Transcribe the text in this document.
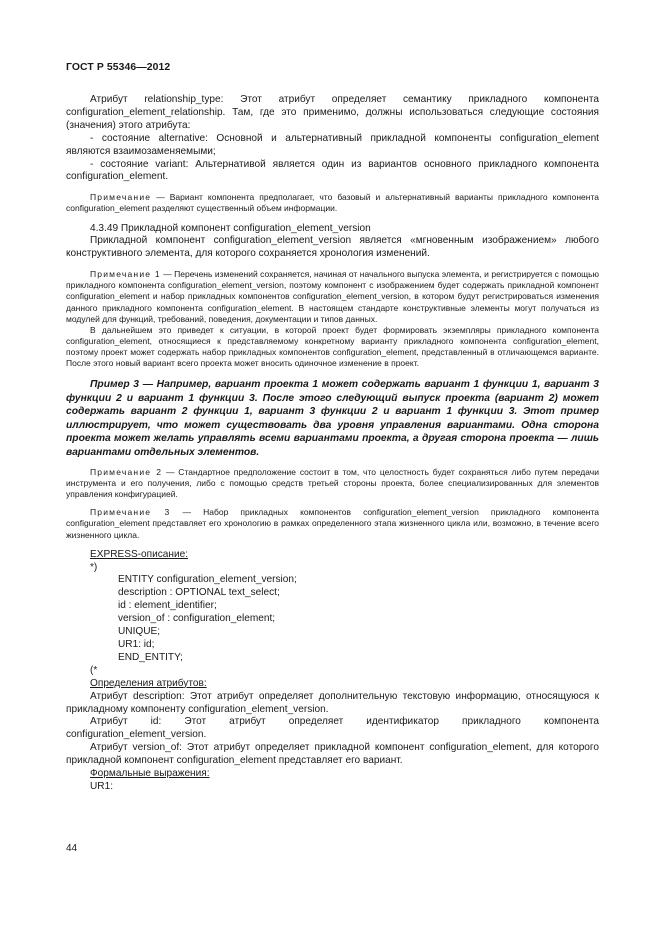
ГОСТ Р 55346—2012

Атрибут relationship_type: Этот атрибут определяет семантику прикладного компонента configuration_element_relationship. Там, где это применимо, должны использоваться следующие состояния (значения) этого атрибута:

- состояние alternative: Основной и альтернативный прикладной компоненты configuration_element являются взаимозаменяемыми;

- состояние variant: Альтернативой является один из вариантов основного прикладного компонента configuration_element.

Примечание — Вариант компонента предполагает, что базовый и альтернативный варианты прикладного компонента configuration_element разделяют существенный объем информации.

4.3.49 Прикладной компонент configuration_element_version

Прикладной компонент configuration_element_version является «мгновенным изображением» любого конструктивного элемента, для которого сохраняется хронология изменений.

Примечание 1 — Перечень изменений сохраняется, начиная от начального выпуска элемента, и регистрируется с помощью прикладного компонента configuration_element_version, поэтому компонент с изображением будет содержать прикладной компонент configuration_element и набор прикладных компонентов configuration_element_version, в котором будут регистрироваться изменения данного прикладного компонента configuration_element. В настоящем стандарте конструктивные элементы могут получаться из модулей для функций, требований, поведения, документации и типов данных.

В дальнейшем это приведет к ситуации, в которой проект будет формировать экземпляры прикладного компонента configuration_element, относящиеся к представляемому конкретному варианту прикладного компонента configuration_element, поэтому проект может содержать набор прикладных компонентов configuration_element, представленный в отличающемся варианте. После этого новый вариант всего проекта может вносить одиночное изменение в проект.

Пример 3 — Например, вариант проекта 1 может содержать вариант 1 функции 1, вариант 3 функции 2 и вариант 1 функции 3. После этого следующий выпуск проекта (вариант 2) может содержать вариант 2 функции 1, вариант 3 функции 2 и вариант 1 функции 3. Этот пример иллюстрирует, что может существовать два уровня управления вариантами. Одна сторона проекта может желать управлять всеми вариантами проекта, а другая сторона проекта — лишь вариантами отдельных элементов.

Примечание 2 — Стандартное предположение состоит в том, что целостность будет сохраняться либо путем передачи инструмента и его получения, либо с помощью средств третьей стороны проекта, более специализированных для элементов управления конфигурацией.

Примечание 3 — Набор прикладных компонентов configuration_element_version прикладного компонента configuration_element представляет его хронологию в рамках определенного этапа жизненного цикла или, возможно, в течение всего жизненного цикла.

EXPRESS-описание:

*)

ENTITY configuration_element_version;

description : OPTIONAL text_select;

id : element_identifier;

version_of : configuration_element;

UNIQUE;

UR1: id;

END_ENTITY;

(*

Определения атрибутов:

Атрибут description: Этот атрибут определяет дополнительную текстовую информацию, относящуюся к прикладному компоненту configuration_element_version.

Атрибут id: Этот атрибут определяет идентификатор прикладного компонента configuration_element_version.

Атрибут version_of: Этот атрибут определяет прикладной компонент configuration_element, для которого прикладной компонент configuration_element представляет его вариант.

Формальные выражения:

UR1:

44
